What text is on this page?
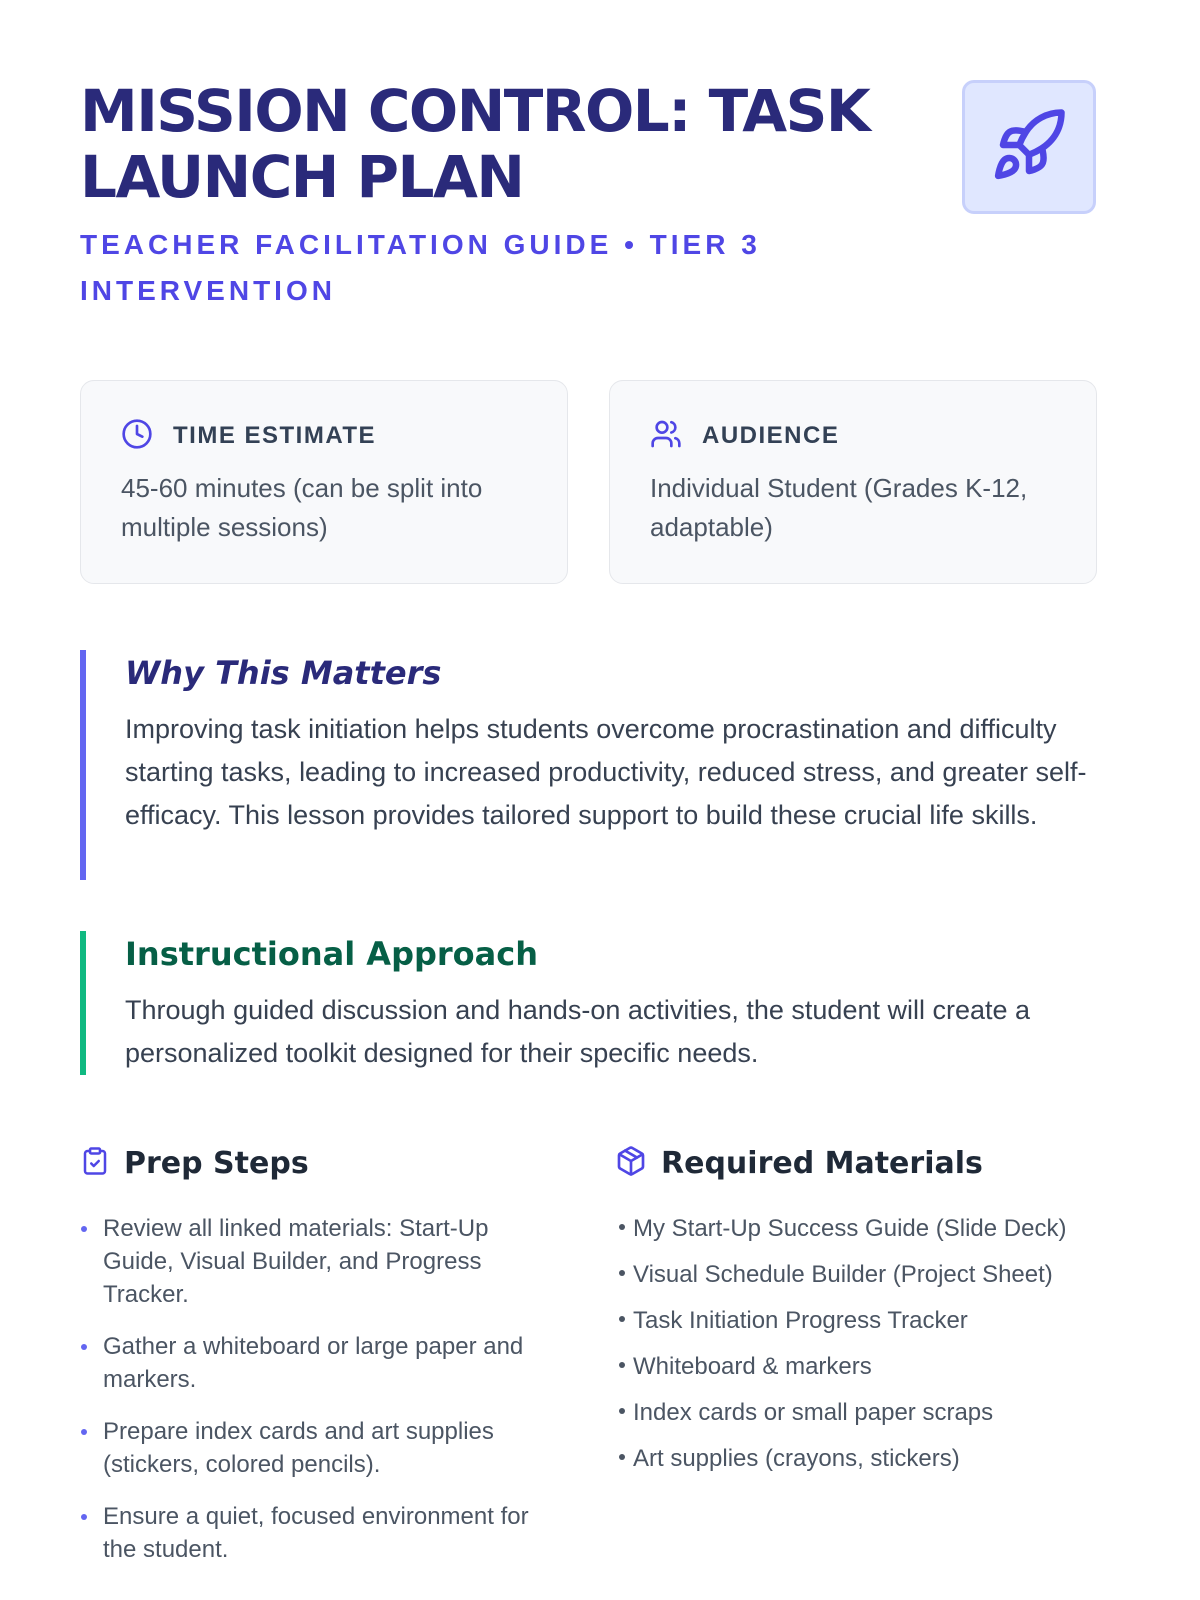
MISSION CONTROL: TASK LAUNCH PLAN
TEACHER FACILITATION GUIDE • TIER 3 INTERVENTION
TIME ESTIMATE
45-60 minutes (can be split into multiple sessions)
AUDIENCE
Individual Student (Grades K-12, adaptable)
Why This Matters

Improving task initiation helps students overcome procrastination and difficulty starting tasks, leading to increased productivity, reduced stress, and greater self-efficacy. This lesson provides tailored support to build these crucial life skills.

Instructional Approach

Through guided discussion and hands-on activities, the student will create a personalized toolkit designed for their specific needs.

Prep Steps
Review all linked materials: Start-Up Guide, Visual Builder, and Progress Tracker.
Gather a whiteboard or large paper and markers.
Prepare index cards and art supplies (stickers, colored pencils).
Ensure a quiet, focused environment for the student.
Required Materials
My Start-Up Success Guide (Slide Deck)
Visual Schedule Builder (Project Sheet)
Task Initiation Progress Tracker
Whiteboard & markers
Index cards or small paper scraps
Art supplies (crayons, stickers)
